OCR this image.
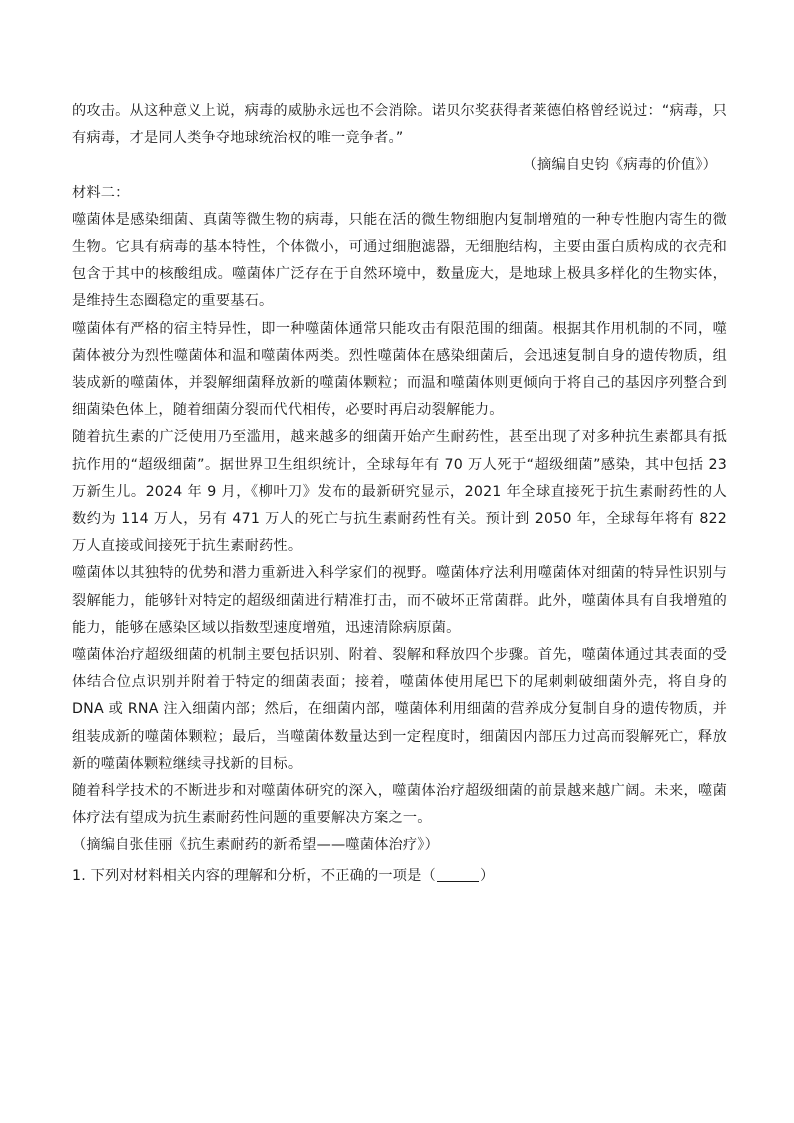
的攻击。从这种意义上说，病毒的威胁永远也不会消除。诺贝尔奖获得者莱德伯格曾经说过：“病毒，只有病毒，才是同人类争夺地球统治权的唯一竞争者。”

（摘编自史钧《病毒的价值》）

材料二：

噬菌体是感染细菌、真菌等微生物的病毒，只能在活的微生物细胞内复制增殖的一种专性胞内寄生的微生物。它具有病毒的基本特性，个体微小，可通过细胞滤器，无细胞结构，主要由蛋白质构成的衣壳和包含于其中的核酸组成。噬菌体广泛存在于自然环境中，数量庞大，是地球上极具多样化的生物实体，是维持生态圈稳定的重要基石。

噬菌体有严格的宿主特异性，即一种噬菌体通常只能攻击有限范围的细菌。根据其作用机制的不同，噬菌体被分为烈性噬菌体和温和噬菌体两类。烈性噬菌体在感染细菌后，会迅速复制自身的遗传物质，组装成新的噬菌体，并裂解细菌释放新的噬菌体颗粒；而温和噬菌体则更倾向于将自己的基因序列整合到细菌染色体上，随着细菌分裂而代代相传，必要时再启动裂解能力。

随着抗生素的广泛使用乃至滥用，越来越多的细菌开始产生耐药性，甚至出现了对多种抗生素都具有抵抗作用的“超级细菌”。据世界卫生组织统计，全球每年有 70 万人死于“超级细菌”感染，其中包括 23 万新生儿。2024 年 9 月，《柳叶刀》发布的最新研究显示，2021 年全球直接死于抗生素耐药性的人数约为 114 万人，另有 471 万人的死亡与抗生素耐药性有关。预计到 2050 年，全球每年将有 822 万人直接或间接死于抗生素耐药性。

噬菌体以其独特的优势和潜力重新进入科学家们的视野。噬菌体疗法利用噬菌体对细菌的特异性识别与裂解能力，能够针对特定的超级细菌进行精准打击，而不破坏正常菌群。此外，噬菌体具有自我增殖的能力，能够在感染区域以指数型速度增殖，迅速清除病原菌。

噬菌体治疗超级细菌的机制主要包括识别、附着、裂解和释放四个步骤。首先，噬菌体通过其表面的受体结合位点识别并附着于特定的细菌表面；接着，噬菌体使用尾巴下的尾刺刺破细菌外壳，将自身的 DNA 或 RNA 注入细菌内部；然后，在细菌内部，噬菌体利用细菌的营养成分复制自身的遗传物质，并组装成新的噬菌体颗粒；最后，当噬菌体数量达到一定程度时，细菌因内部压力过高而裂解死亡，释放新的噬菌体颗粒继续寻找新的目标。

随着科学技术的不断进步和对噬菌体研究的深入，噬菌体治疗超级细菌的前景越来越广阔。未来，噬菌体疗法有望成为抗生素耐药性问题的重要解决方案之一。

（摘编自张佳丽《抗生素耐药的新希望——噬菌体治疗》）

1. 下列对材料相关内容的理解和分析，不正确的一项是（	）
